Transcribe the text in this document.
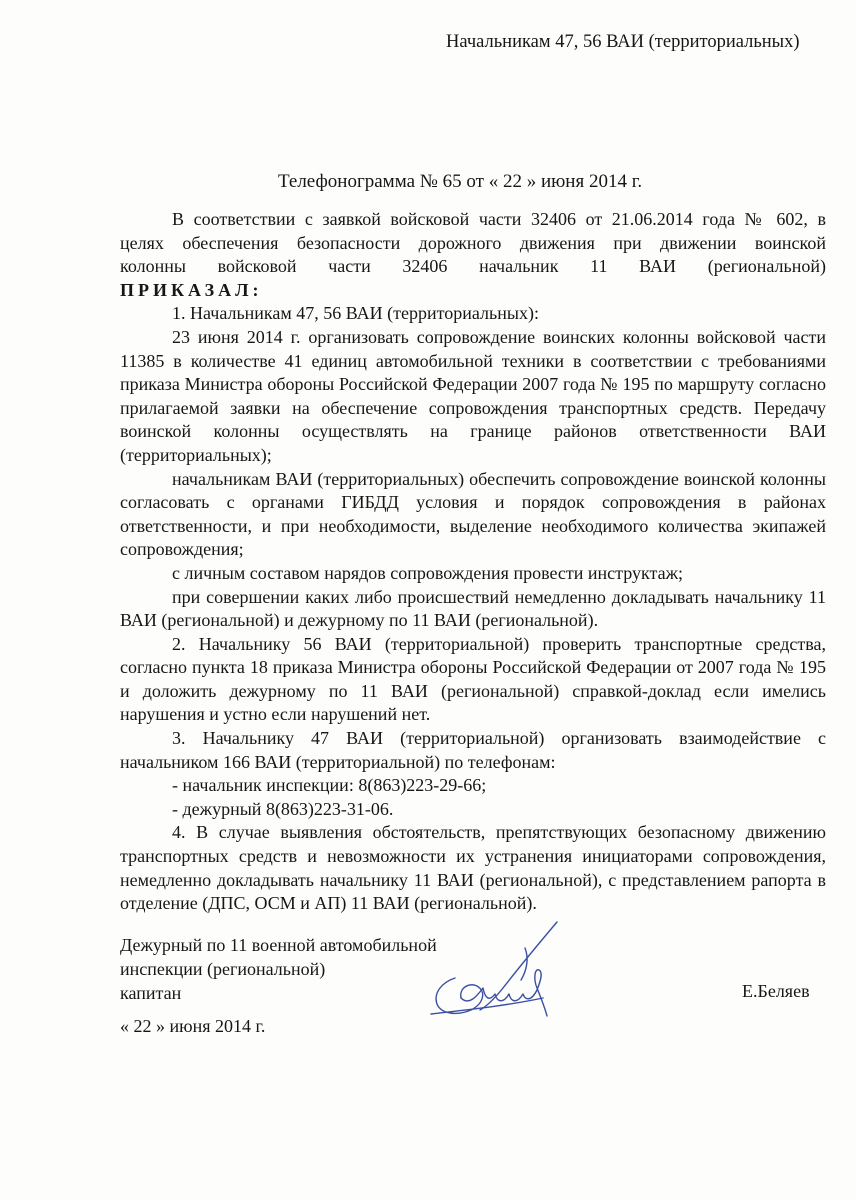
Начальникам 47, 56 ВАИ (территориальных)
Телефонограмма № 65 от « 22 » июня 2014 г.

В соответствии с заявкой войсковой части 32406 от 21.06.2014 года № 602, в

целях обеспечения безопасности дорожного движения при движении воинской

колонны войсковой части 32406 начальник 11 ВАИ (региональной)

ПРИКАЗАЛ:

1. Начальникам 47, 56 ВАИ (территориальных):

23 июня 2014 г. организовать сопровождение воинских колонны войсковой части 11385 в количестве 41 единиц автомобильной техники в соответствии с требованиями приказа Министра обороны Российской Федерации 2007 года № 195 по маршруту согласно прилагаемой заявки на обеспечение сопровождения транспортных средств. Передачу воинской колонны осуществлять на границе районов ответственности ВАИ (территориальных);

начальникам ВАИ (территориальных) обеспечить сопровождение воинской колонны согласовать с органами ГИБДД условия и порядок сопровождения в районах ответственности, и при необходимости, выделение необходимого количества экипажей сопровождения;

с личным составом нарядов сопровождения провести инструктаж;

при совершении каких либо происшествий немедленно докладывать начальнику 11 ВАИ (региональной) и дежурному по 11 ВАИ (региональной).

2. Начальнику 56 ВАИ (территориальной) проверить транспортные средства, согласно пункта 18 приказа Министра обороны Российской Федерации от 2007 года № 195 и доложить дежурному по 11 ВАИ (региональной) справкой-доклад если имелись нарушения и устно если нарушений нет.

3. Начальнику 47 ВАИ (территориальной) организовать взаимодействие с начальником 166 ВАИ (территориальной) по телефонам:

- начальник инспекции: 8(863)223-29-66;

- дежурный 8(863)223-31-06.

4. В случае выявления обстоятельств, препятствующих безопасному движению транспортных средств и невозможности их устранения инициаторами сопровождения, немедленно докладывать начальнику 11 ВАИ (региональной), с представлением рапорта в отделение (ДПС, ОСМ и АП) 11 ВАИ (региональной).

Дежурный по 11 военной автомобильной
инспекции (региональной)
капитан	Е.Беляев
« 22 » июня 2014 г.
